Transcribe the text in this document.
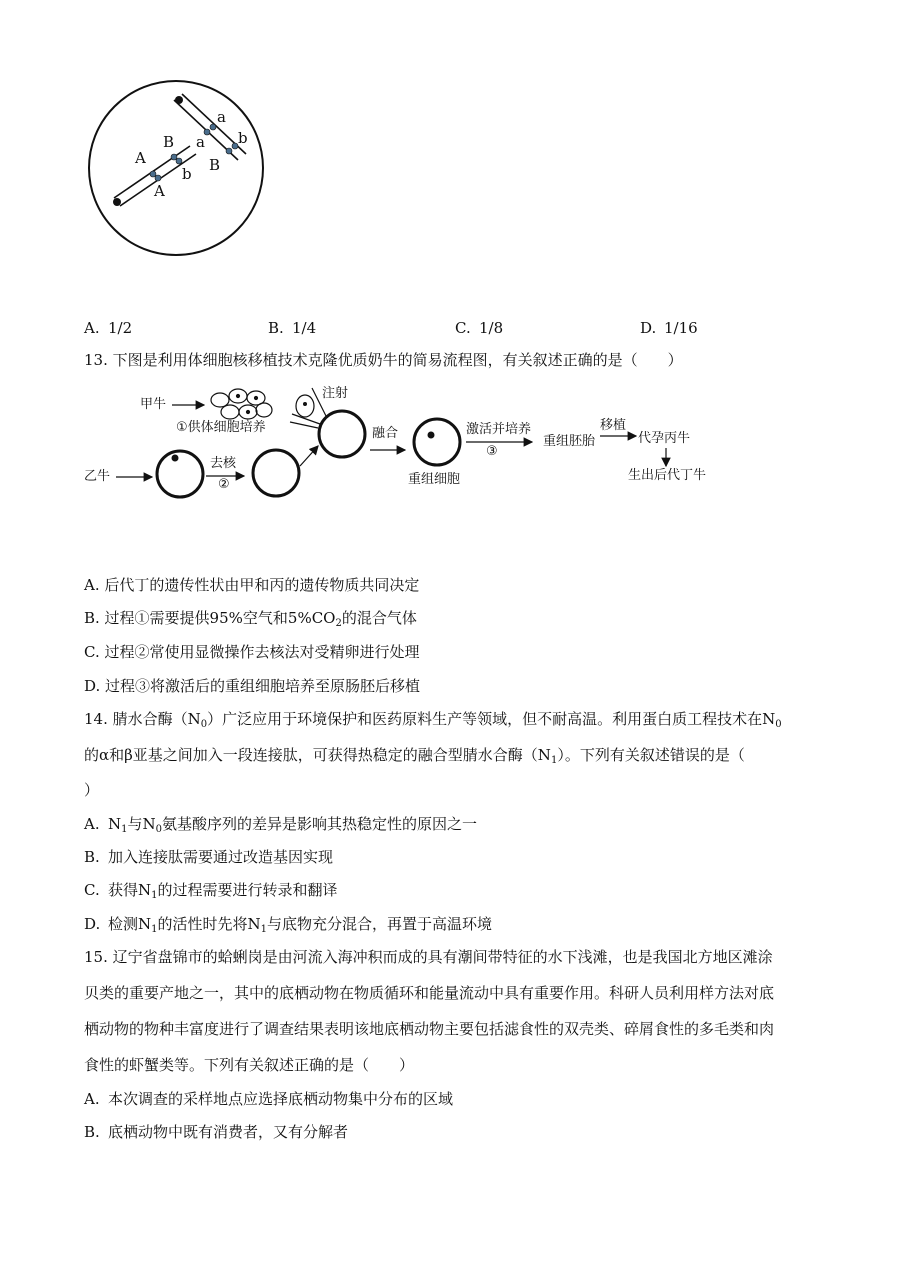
A
B a
b
A
a
b
B
A. 1/2	B. 1/4	C. 1/8	D. 1/16
13. 下图是利用体细胞核移植技术克隆优质奶牛的简易流程图，有关叙述正确的是（　　）
甲牛
①供体细胞培养
注射
乙牛
去核
②
融合
重组细胞
激活并培养
③
重组胚胎
移植
代孕丙牛
生出后代丁牛
A. 后代丁的遗传性状由甲和丙的遗传物质共同决定
B. 过程①需要提供95%空气和$5\%CO_2$的混合气体
C. 过程②常使用显微操作去核法对受精卵进行处理
D. 过程③将激活后的重组细胞培养至原肠胚后移植
14. 腈水合酶$(N_0)$广泛应用于环境保护和医药原料生产等领域，但不耐高温。利用蛋白质工程技术在$N_0$
的α和β亚基之间加入一段连接肽，可获得热稳定的融合型腈水合酶$(N_1)$。下列有关叙述错误的是（
）
A. $N_1$与$N_0$氨基酸序列的差异是影响其热稳定性的原因之一
B. 加入连接肽需要通过改造基因实现
C. 获得$N_1$的过程需要进行转录和翻译
D. 检测$N_1$的活性时先将$N_1$与底物充分混合，再置于高温环境
15. 辽宁省盘锦市的蛤蜊岗是由河流入海冲积而成的具有潮间带特征的水下浅滩，也是我国北方地区滩涂
贝类的重要产地之一，其中的底栖动物在物质循环和能量流动中具有重要作用。科研人员利用样方法对底
栖动物的物种丰富度进行了调查结果表明该地底栖动物主要包括滤食性的双壳类、碎屑食性的多毛类和肉
食性的虾蟹类等。下列有关叙述正确的是（　　）
A. 本次调查的采样地点应选择底栖动物集中分布的区域
B. 底栖动物中既有消费者，又有分解者
